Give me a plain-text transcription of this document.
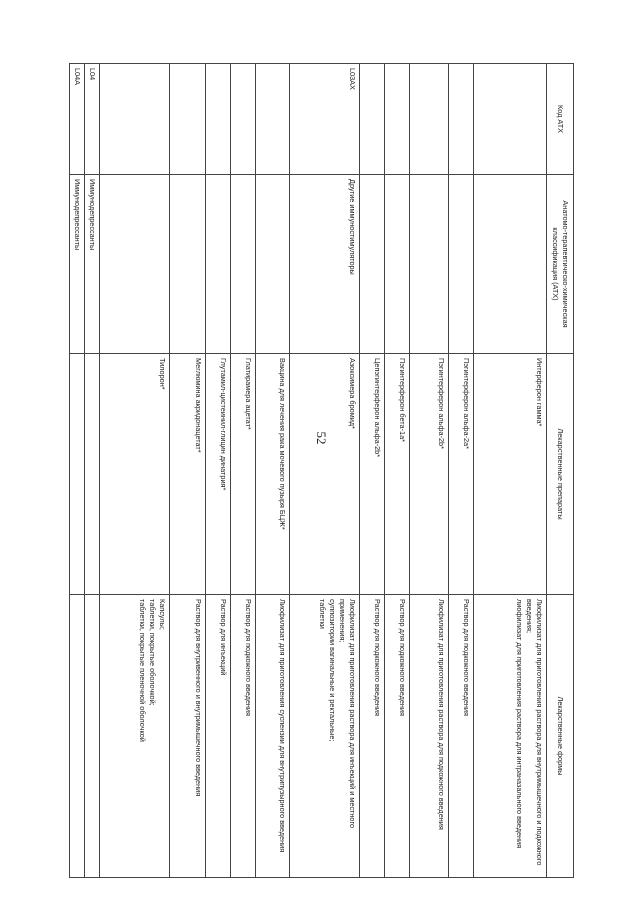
52
Код АТХ	Анатомо-терапевтическо-химическая классификация (АТХ)	Лекарственные препараты	Лекарственные формы
		Интерферон гамма*	Лиофилизат для приготовления раствора для внутримышечного и подкожного введения;
лиофилизат для приготовления раствора для интраназального введения

		Пэгинтерферон альфа-2а*	Раствор для подкожного введения

		Пэгинтерферон альфа-2b*	Лиофилизат для приготовления раствора для подкожного введения

		Пэгинтерферон бета-1а*	Раствор для подкожного введения

		Цепэгинтерферон альфа-2b*	Раствор для подкожного введения

L03AX	Другие иммуностимуляторы	Азоксимера бромид*	Лиофилизат для приготовления раствора для инъекций и местного применения;
суппозитории вагинальные и ректальные;
таблетки

		Вакцина для лечения рака мочевого пузыря БЦЖ*	Лиофилизат для приготовления суспензии для внутрипузырного введения

		Глатирамера ацетат*	Раствор для подкожного введения

		Глутамил-цистеинил-глицин динатрия*	Раствор для инъекций

		Меглюмина акридонацетат*	Раствор для внутривенного и внутримышечного введения

		Тилорон*	Капсулы;
таблетки, покрытые оболочкой;
таблетки, покрытые пленочной оболочкой

L04	Иммунодепрессанты		

L04A	Иммунодепрессанты		
